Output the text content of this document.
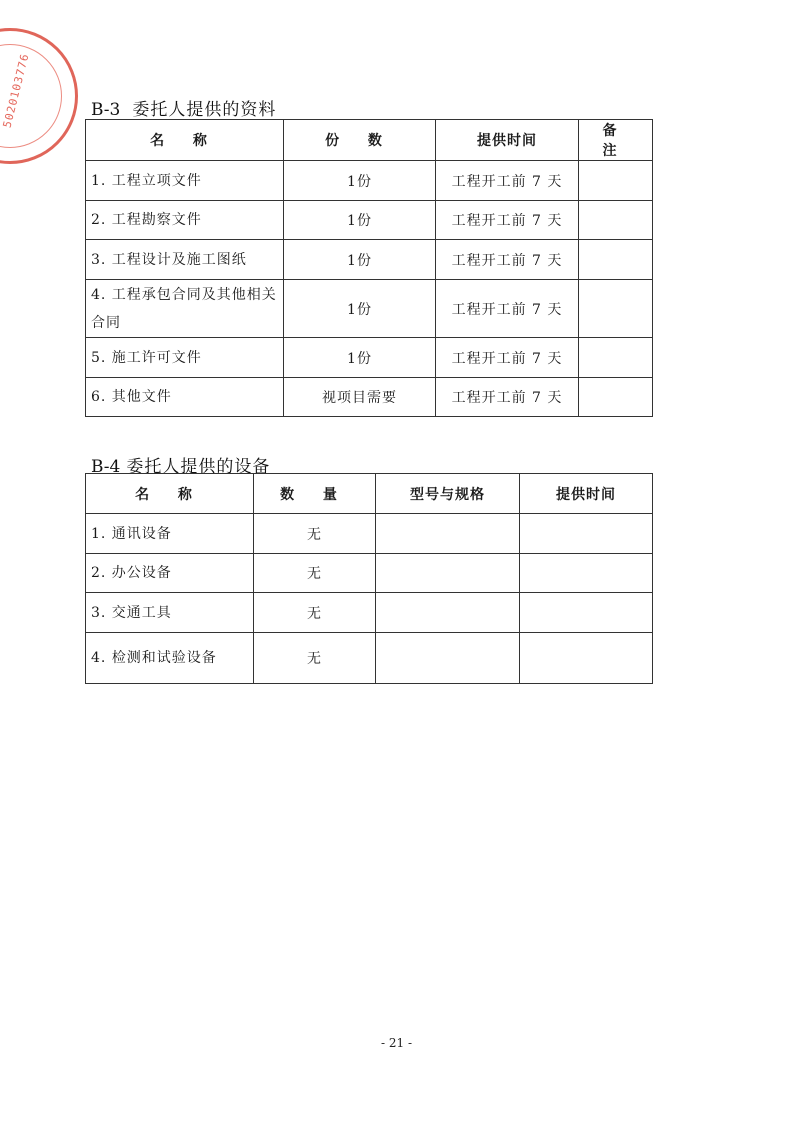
5020103776	B-3 委托人提供的资料
名 称	份 数	提供时间	备 注
1. 工程立项文件	1份	工程开工前 7 天	
2. 工程勘察文件	1份	工程开工前 7 天	
3. 工程设计及施工图纸	1份	工程开工前 7 天	
4. 工程承包合同及其他相关合同	1份	工程开工前 7 天	
5. 施工许可文件	1份	工程开工前 7 天	
6. 其他文件	视项目需要	工程开工前 7 天	
B-4 委托人提供的设备
名 称	数 量	型号与规格	提供时间
1. 通讯设备	无		
2. 办公设备	无		
3. 交通工具	无		
4. 检测和试验设备	无		
- 21 -
